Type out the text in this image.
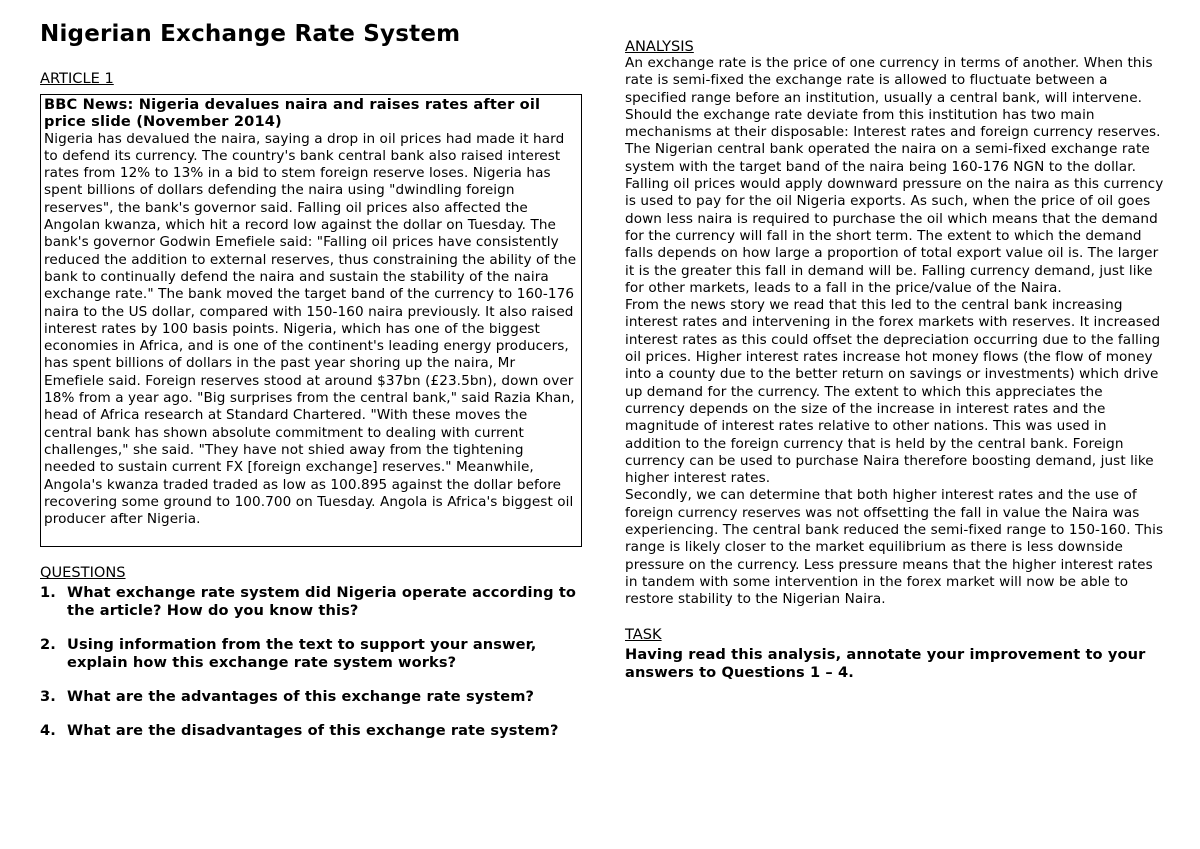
Nigerian Exchange Rate System
ARTICLE 1

BBC News: Nigeria devalues naira and raises rates after oil price slide (November 2014)

Nigeria has devalued the naira, saying a drop in oil prices had made it hard to defend its currency. The country's bank central bank also raised interest rates from 12% to 13% in a bid to stem foreign reserve loses. Nigeria has spent billions of dollars defending the naira using "dwindling foreign reserves", the bank's governor said. Falling oil prices also affected the Angolan kwanza, which hit a record low against the dollar on Tuesday. The bank's governor Godwin Emefiele said: "Falling oil prices have consistently reduced the addition to external reserves, thus constraining the ability of the bank to continually defend the naira and sustain the stability of the naira exchange rate." The bank moved the target band of the currency to 160-176 naira to the US dollar, compared with 150-160 naira previously. It also raised interest rates by 100 basis points. Nigeria, which has one of the biggest economies in Africa, and is one of the continent's leading energy producers, has spent billions of dollars in the past year shoring up the naira, Mr Emefiele said. Foreign reserves stood at around $37bn (£23.5bn), down over 18% from a year ago. "Big surprises from the central bank," said Razia Khan, head of Africa research at Standard Chartered. "With these moves the central bank has shown absolute commitment to dealing with current challenges," she said. "They have not shied away from the tightening needed to sustain current FX [foreign exchange] reserves." Meanwhile, Angola's kwanza traded traded as low as 100.895 against the dollar before recovering some ground to 100.700 on Tuesday. Angola is Africa's biggest oil producer after Nigeria.

QUESTIONS
1. What exchange rate system did Nigeria operate according to the article? How do you know this?
2. Using information from the text to support your answer, explain how this exchange rate system works?
3. What are the advantages of this exchange rate system?
4. What are the disadvantages of this exchange rate system?
ANALYSIS

An exchange rate is the price of one currency in terms of another. When this rate is semi-fixed the exchange rate is allowed to fluctuate between a specified range before an institution, usually a central bank, will intervene. Should the exchange rate deviate from this institution has two main mechanisms at their disposable: Interest rates and foreign currency reserves. The Nigerian central bank operated the naira on a semi-fixed exchange rate system with the target band of the naira being 160-176 NGN to the dollar.

Falling oil prices would apply downward pressure on the naira as this currency is used to pay for the oil Nigeria exports. As such, when the price of oil goes down less naira is required to purchase the oil which means that the demand for the currency will fall in the short term. The extent to which the demand falls depends on how large a proportion of total export value oil is. The larger it is the greater this fall in demand will be. Falling currency demand, just like for other markets, leads to a fall in the price/value of the Naira.

From the news story we read that this led to the central bank increasing interest rates and intervening in the forex markets with reserves. It increased interest rates as this could offset the depreciation occurring due to the falling oil prices. Higher interest rates increase hot money flows (the flow of money into a county due to the better return on savings or investments) which drive up demand for the currency. The extent to which this appreciates the currency depends on the size of the increase in interest rates and the magnitude of interest rates relative to other nations. This was used in addition to the foreign currency that is held by the central bank. Foreign currency can be used to purchase Naira therefore boosting demand, just like higher interest rates.

Secondly, we can determine that both higher interest rates and the use of foreign currency reserves was not offsetting the fall in value the Naira was experiencing. The central bank reduced the semi-fixed range to 150-160. This range is likely closer to the market equilibrium as there is less downside pressure on the currency. Less pressure means that the higher interest rates in tandem with some intervention in the forex market will now be able to restore stability to the Nigerian Naira.

TASK

Having read this analysis, annotate your improvement to your answers to Questions 1 – 4.
